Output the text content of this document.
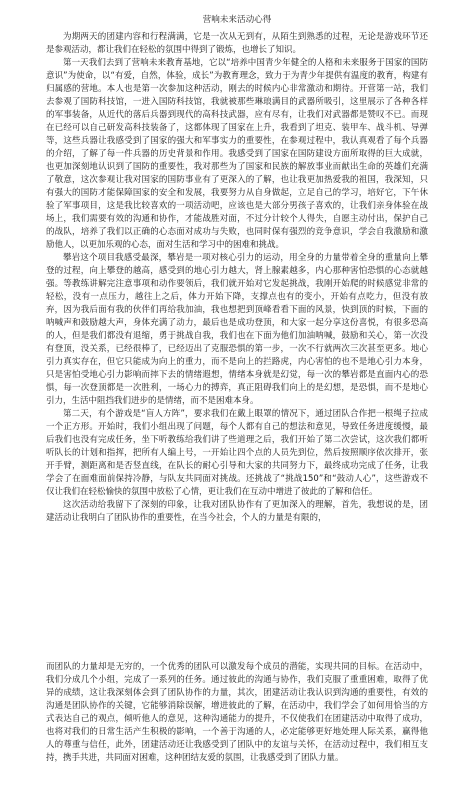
营响未来活动心得

为期两天的团建内容和行程满满，它是一次从无到有，从陌生到熟悉的过程，无论是游戏环节还是参观活动，都让我们在轻松的氛围中得到了锻炼，也增长了知识。

第一天我们去到了营响未来教育基地，它以“培养中国青少年健全的人格和未来服务于国家的国防意识”为使命，以“有爱，自然，体验，成长”为教育理念，致力于为青少年提供有温度的教育，构建有归属感的营地。本人也是第一次参加这种活动，刚去的时候内心非常激动和期待。开营第一站，我们去参观了国防科技馆，一进入国防科技馆，我就被那些琳琅满目的武器所吸引，这里展示了各种各样的军事装备，从近代的落后兵器到现代的高科技武器，应有尽有，让我们对武器都是赞叹不已。而现在已经可以自己研发高科技装备了，这都体现了国家在上升，我看到了坦克、装甲车、战斗机、导弹等，这些兵器让我感受到了国家的强大和军事实力的重要性，在参观过程中，我认真观看了每个兵器的介绍，了解了每一件兵器的历史背景和作用。我感受到了国家在国防建设方面所取得的巨大成就，也更加深刻地认识到了国防的重要性，我对那些为了国家和民族的解放事业而献出生命的英雄们充满了敬意，这次参观让我对国家的国防事业有了更深入的了解，也让我更加热爱我的祖国，我深知，只有强大的国防才能保障国家的安全和发展，我要努力从自身做起，立足自己的学习，培好它，下午休验了军事项目，这是我比较喜欢的一项活动吧，应该也是大部分男孩子喜欢的，让我们亲身体验在战场上，我们需要有效的沟通和协作，才能战胜对面，不过分计较个人得失，自愿主动付出，保护自己的战队，培养了我们以正确的心态面对成功与失败，也同时保有强烈的竞争意识，学会自我激励和激励他人，以更加乐观的心态，面对生活和学习中的困难和挑战。

攀岩这个项目我感受最深，攀岩是一项对核心引力的运动，用全身的力量带着全身的重量向上攀登的过程，向上攀登的越高，感受到的地心引力越大，肾上腺素越多，内心那种害怕恐惧的心态就越强。等教练讲解完注意事项和动作要领后，我们就开始对它发起挑战，我刚开始爬的时候感觉非常的轻松，没有一点压力，越往上之后，体力开始下降，支撑点也有的变小，开始有点吃力，但没有放弃，因为我后面有我的伙伴们再给我加油，我也想把到顶峰看看下面的风景，快到顶的时候，下面的呐喊声和鼓励越大声，身体充满了动力，最后也是成功登顶，和大家一起分享这份喜悦，有很多恐高的人，但是我们都没有退缩，勇于挑战自我，我们也在下面为他们加油呐喊，鼓励和关心，第一次没有登顶，没关系，已经很棒了，已经迈出了克服恐惧的第一步，一次不行就两次三次甚至更多。地心引力真实存在，但它只能成为向上的重力，而不是向上的拦路虎，内心害怕的也不是地心引力本身，只是害怕受地心引力影响而摔下去的情绪遐想，情绪本身就是幻觉，每一次的攀岩都是直面内心的恐惧，每一次登顶都是一次胜利，一场心力的搏弈，真正阻碍我们向上的是幻想，是恐惧，而不是地心引力，生活中阻挡我们进步的是情绪，而不是困难本身。

第二天，有个游戏是“盲人方阵”，要求我们在戴上眼罩的情况下，通过团队合作把一根绳子拉成一个正方形。开始时，我们小组出现了问题，每个人都有自己的想法和意见，导致任务进度缓慢，最后我们也没有完成任务，坐下听教练给我们讲了些道理之后，我们开始了第二次尝试，这次我们都听听队长的计划和指挥，把所有人编上号，一开始让四个点的人员先到位，然后按照顺序依次排开，张开手臂，测距离和是否竖直线，在队长的耐心引导和大家的共同努力下，最终成功完成了任务，让我学会了在面难面前保持冷静，与队友共同面对挑战。还挑战了“挑战150”和“鼓动人心”，这些游戏不仅让我们在轻松愉快的氛围中放松了心情，更让我们在互动中增进了彼此的了解和信任。

这次活动给我留下了深刻的印象，让我对团队协作有了更加深入的理解，首先，我想说的是，团建活动让我明白了团队协作的重要性，在当今社会，个人的力量是有限的，

而团队的力量却是无穷的，一个优秀的团队可以激发每个成员的潜能，实现共同的目标。在活动中，我们分成几个小组，完成了一系列的任务。通过彼此的沟通与协作，我们克服了重重困难，取得了优异的成绩，这让我深刻体会到了团队协作的力量，其次，团建活动让我认识到沟通的重要性，有效的沟通是团队协作的关键，它能够消除误解，增进彼此的了解，在活动中，我们学会了如何用恰当的方式表达自己的观点，倾听他人的意见，这种沟通能力的提升，不仅使我们在团建活动中取得了成功，也将对我们的日常生活产生积极的影响，一个善于沟通的人，必定能够更好地处理人际关系，赢得他人的尊重与信任，此外，团建活动还让我感受到了团队中的友谊与关怀，在活动过程中，我们相互支持，携手共进，共同面对困难，这种团结友爱的氛围，让我感受到了团队力量。
